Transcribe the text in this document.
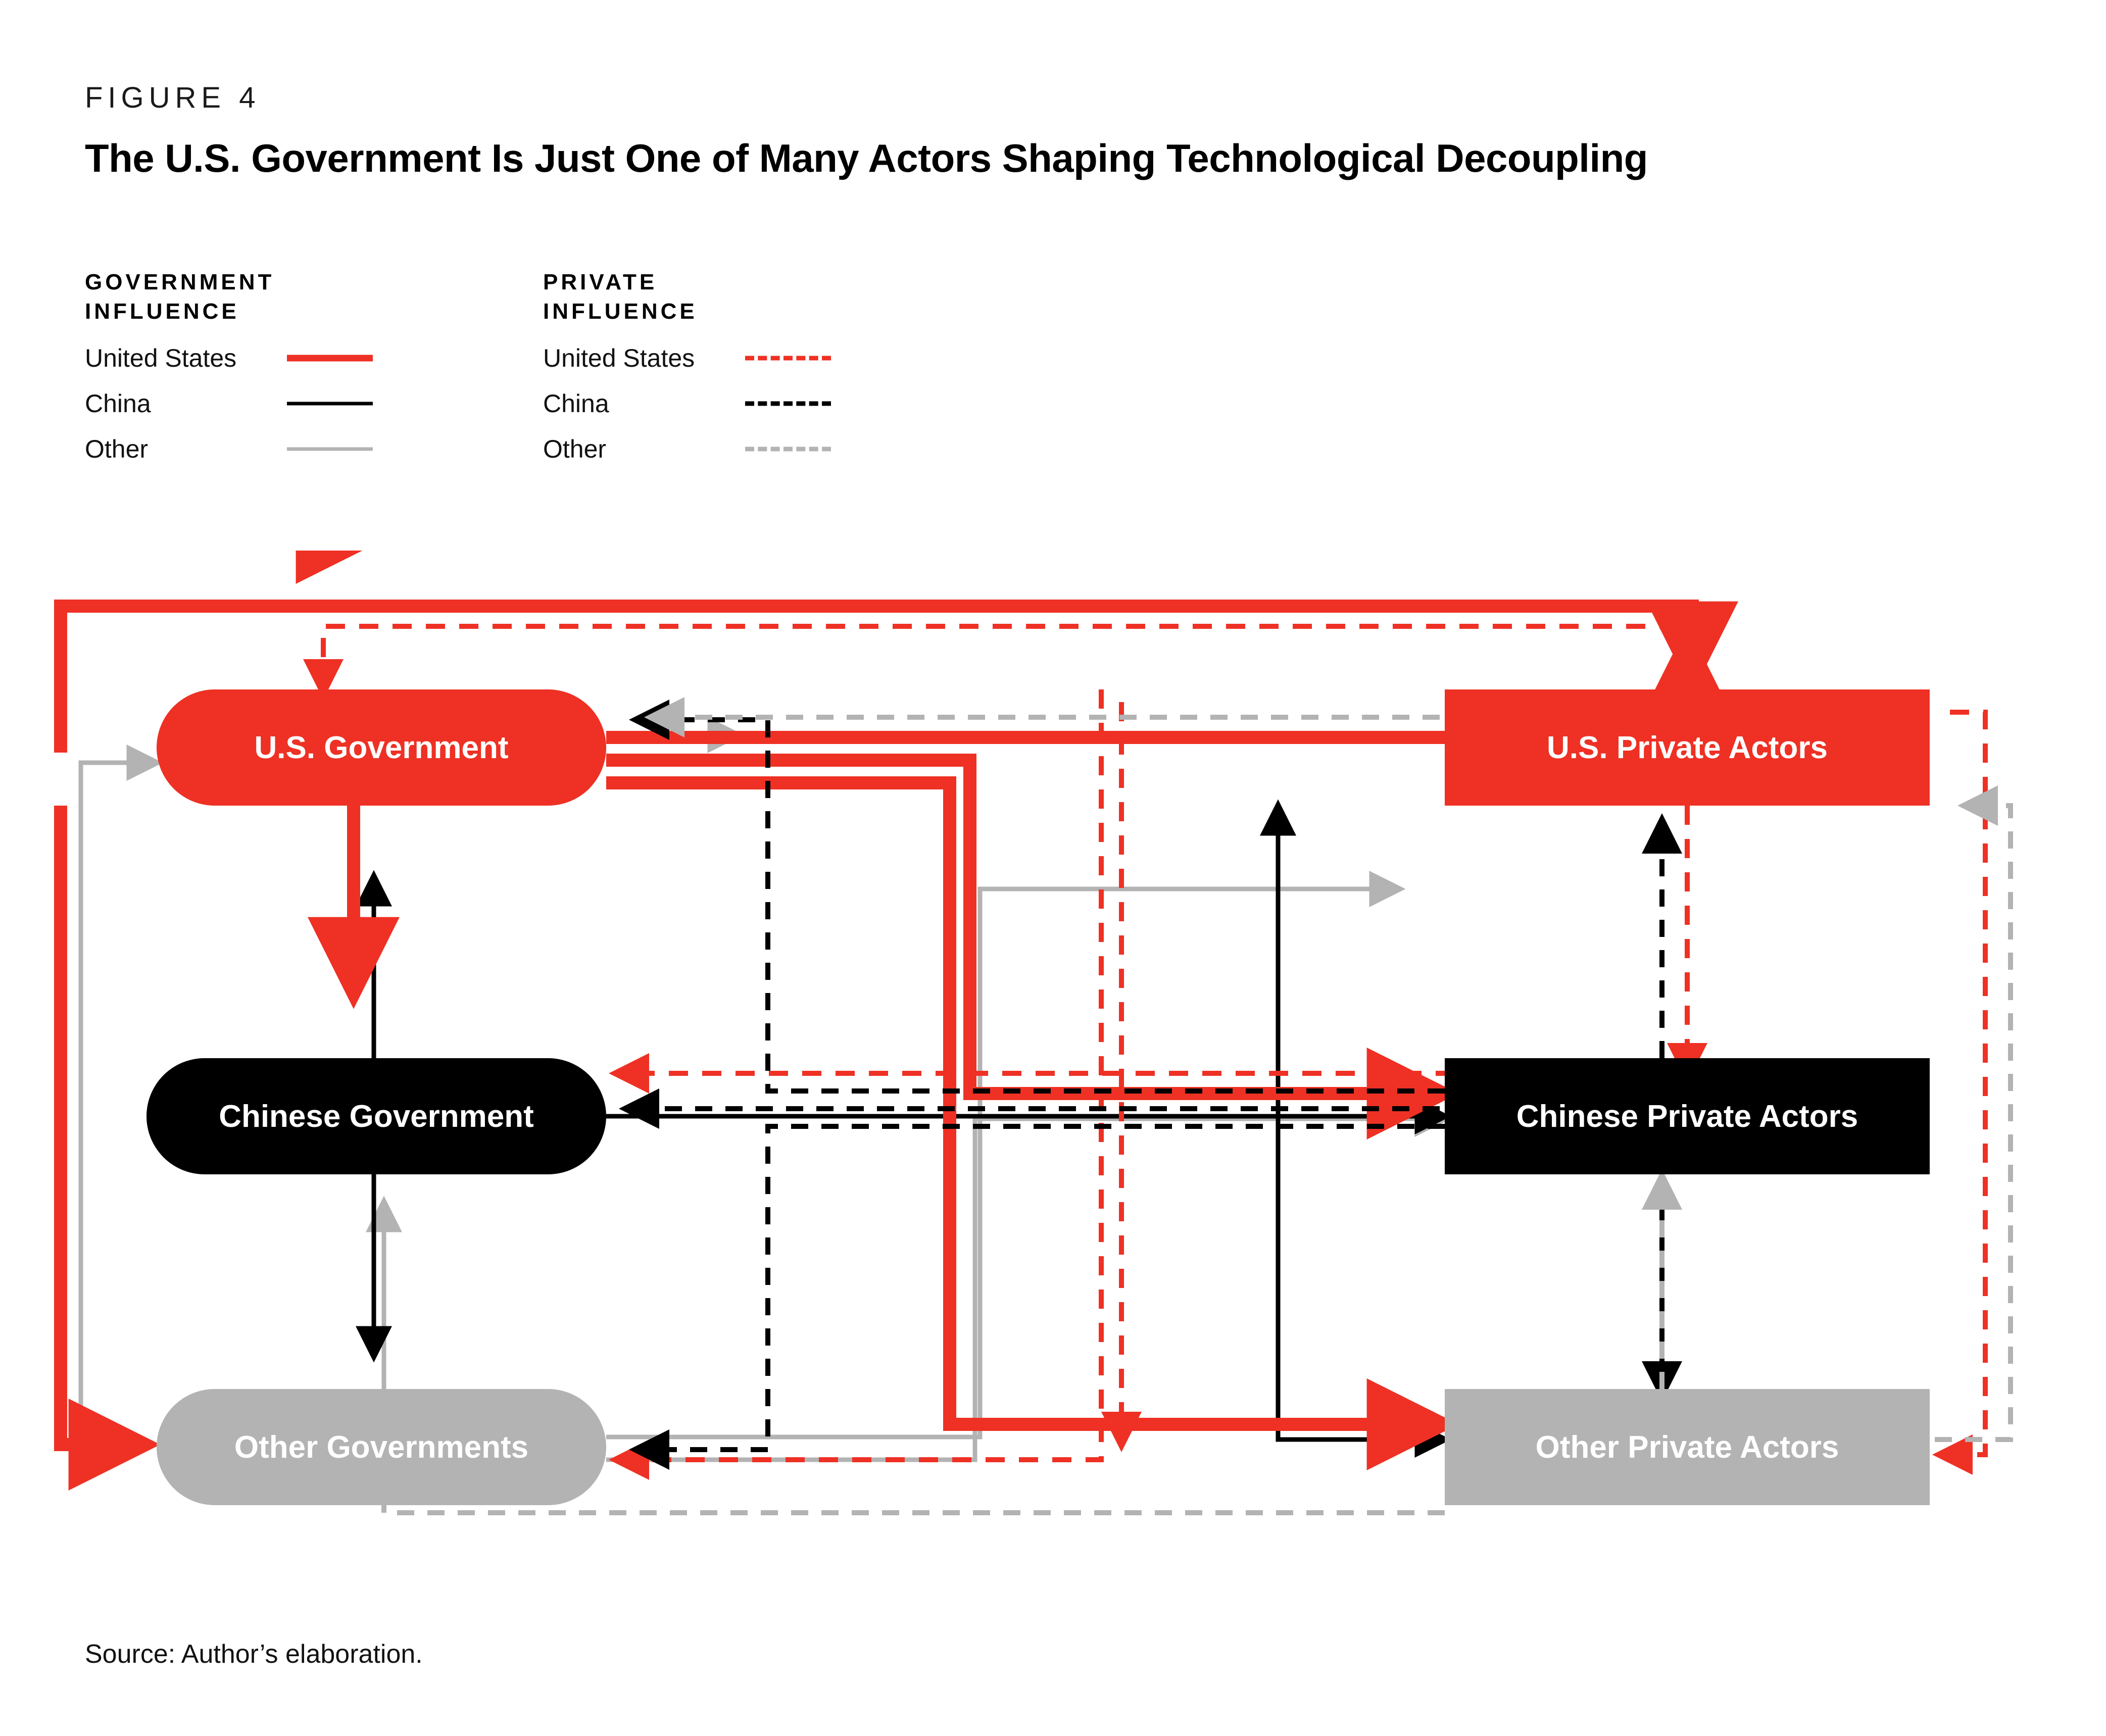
FIGURE 4
The U.S. Government Is Just One of Many Actors Shaping Technological Decoupling
GOVERNMENT
INFLUENCE
United States
China
Other
PRIVATE
INFLUENCE
United States
China
Other
U.S. Government
Chinese Government
Other Governments
U.S. Private Actors
Chinese Private Actors
Other Private Actors
Source: Author’s elaboration.
